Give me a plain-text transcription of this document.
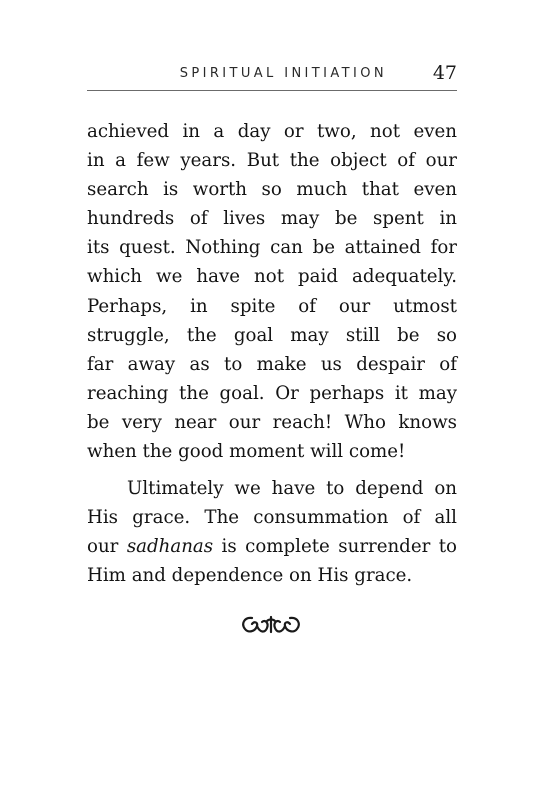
SPIRITUAL INITIATION 47
achieved in a day or two, not even
in a few years. But the object of our
search is worth so much that even
hundreds of lives may be spent in
its quest. Nothing can be attained for
which we have not paid adequately.
Perhaps, in spite of our utmost
struggle, the goal may still be so
far away as to make us despair of
reaching the goal. Or perhaps it may
be very near our reach! Who knows
when the good moment will come!
Ultimately we have to depend on
His grace. The consummation of all
our sadhanas is complete surrender to
Him and dependence on His grace.
